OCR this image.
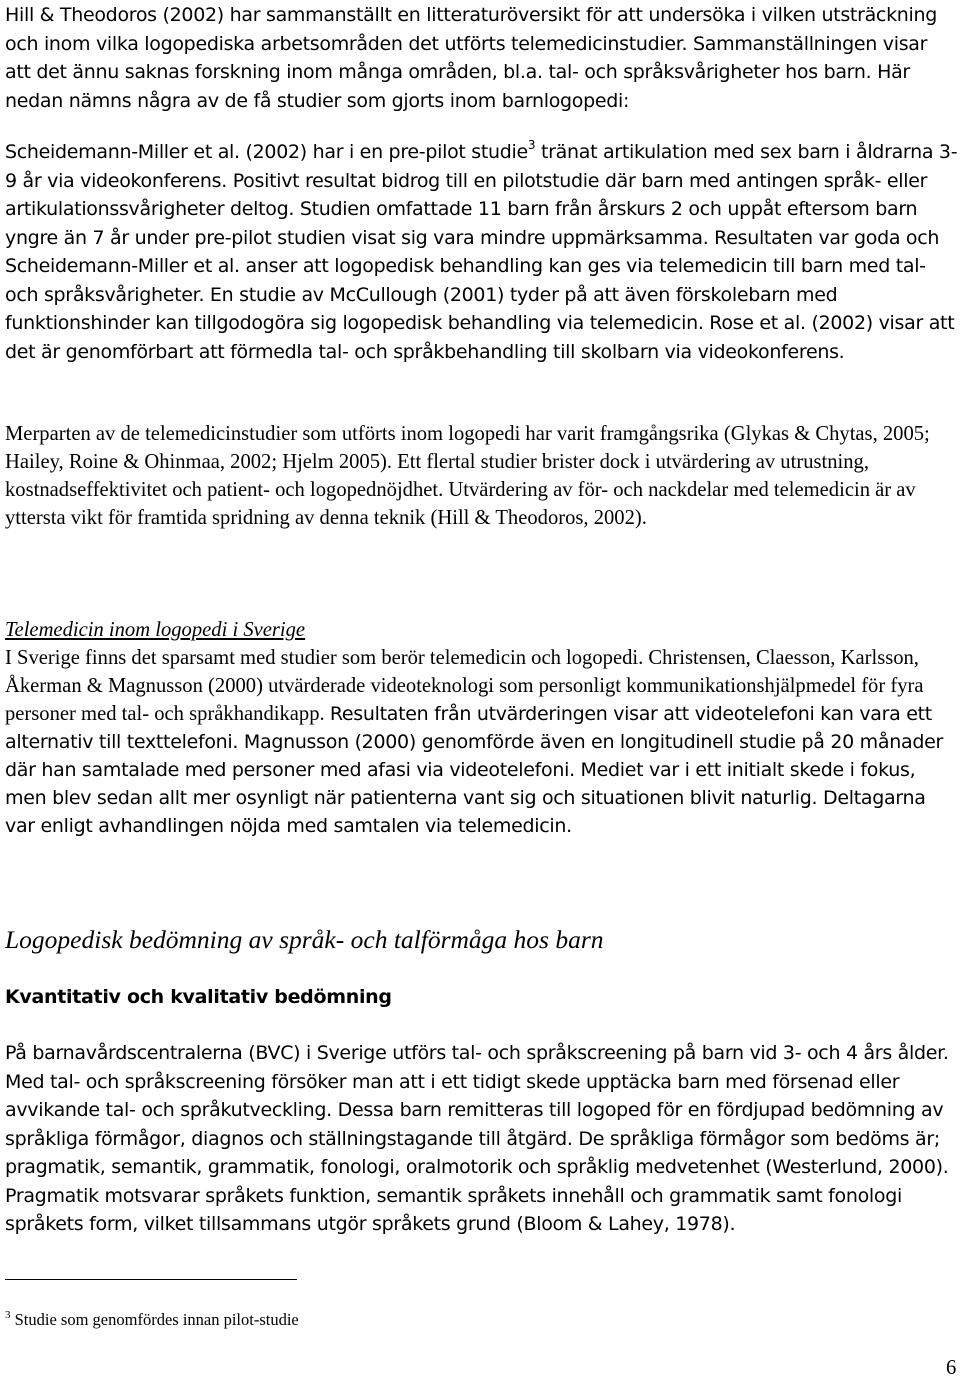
Hill & Theodoros (2002) har sammanställt en litteraturöversikt för att undersöka i vilken utsträckning och inom vilka logopediska arbetsområden det utförts telemedicinstudier. Sammanställningen visar att det ännu saknas forskning inom många områden, bl.a. tal- och språksvårigheter hos barn. Här nedan nämns några av de få studier som gjorts inom barnlogopedi:

Scheidemann-Miller et al. (2002) har i en pre-pilot studie$^3$ tränat artikulation med sex barn i åldrarna 3-9 år via videokonferens. Positivt resultat bidrog till en pilotstudie där barn med antingen språk- eller artikulationssvårigheter deltog. Studien omfattade 11 barn från årskurs 2 och uppåt eftersom barn yngre än 7 år under pre-pilot studien visat sig vara mindre uppmärksamma. Resultaten var goda och Scheidemann-Miller et al. anser att logopedisk behandling kan ges via telemedicin till barn med tal- och språksvårigheter. En studie av McCullough (2001) tyder på att även förskolebarn med funktionshinder kan tillgodogöra sig logopedisk behandling via telemedicin. Rose et al. (2002) visar att det är genomförbart att förmedla tal- och språkbehandling till skolbarn via videokonferens.

Merparten av de telemedicinstudier som utförts inom logopedi har varit framgångsrika (Glykas & Chytas, 2005; Hailey, Roine & Ohinmaa, 2002; Hjelm 2005). Ett flertal studier brister dock i utvärdering av utrustning, kostnadseffektivitet och patient- och logopednöjdhet. Utvärdering av för- och nackdelar med telemedicin är av yttersta vikt för framtida spridning av denna teknik (Hill & Theodoros, 2002).

Telemedicin inom logopedi i Sverige

I Sverige finns det sparsamt med studier som berör telemedicin och logopedi. Christensen, Claesson, Karlsson, Åkerman & Magnusson (2000) utvärderade videoteknologi som personligt kommunikationshjälpmedel för fyra personer med tal- och språkhandikapp. Resultaten från utvärderingen visar att videotelefoni kan vara ett alternativ till texttelefoni. Magnusson (2000) genomförde även en longitudinell studie på 20 månader där han samtalade med personer med afasi via videotelefoni. Mediet var i ett initialt skede i fokus, men blev sedan allt mer osynligt när patienterna vant sig och situationen blivit naturlig. Deltagarna var enligt avhandlingen nöjda med samtalen via telemedicin.

Logopedisk bedömning av språk- och talförmåga hos barn

Kvantitativ och kvalitativ bedömning

På barnavårdscentralerna (BVC) i Sverige utförs tal- och språkscreening på barn vid 3- och 4 års ålder. Med tal- och språkscreening försöker man att i ett tidigt skede upptäcka barn med försenad eller avvikande tal- och språkutveckling. Dessa barn remitteras till logoped för en fördjupad bedömning av språkliga förmågor, diagnos och ställningstagande till åtgärd. De språkliga förmågor som bedöms är; pragmatik, semantik, grammatik, fonologi, oralmotorik och språklig medvetenhet (Westerlund, 2000). Pragmatik motsvarar språkets funktion, semantik språkets innehåll och grammatik samt fonologi språkets form, vilket tillsammans utgör språkets grund (Bloom & Lahey, 1978).

$^3$ Studie som genomfördes innan pilot-studie

6
